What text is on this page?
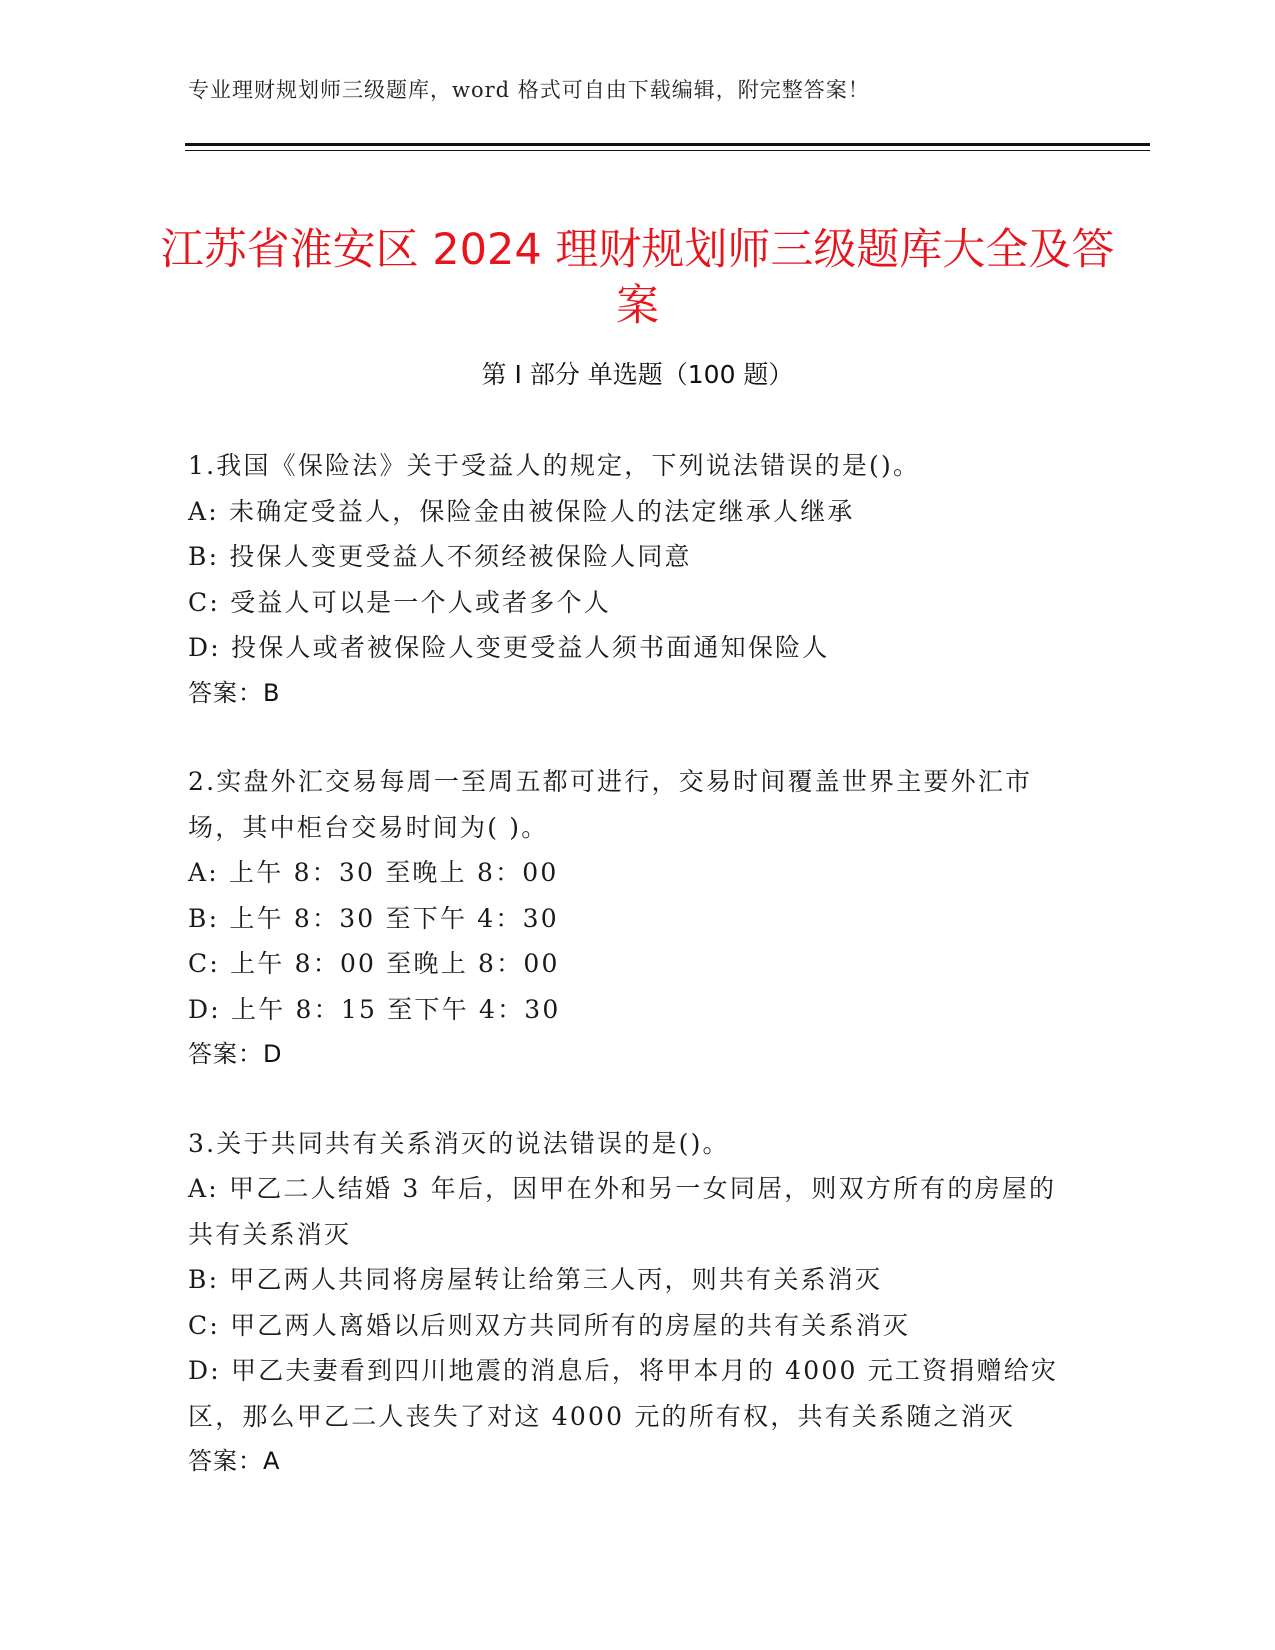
专业理财规划师三级题库，word 格式可自由下载编辑，附完整答案！
江苏省淮安区 2024 理财规划师三级题库大全及答案
第 I 部分 单选题（100 题）
1.我国《保险法》关于受益人的规定，下列说法错误的是()。
A: 未确定受益人，保险金由被保险人的法定继承人继承
B: 投保人变更受益人不须经被保险人同意
C: 受益人可以是一个人或者多个人
D: 投保人或者被保险人变更受益人须书面通知保险人
答案：B
2.实盘外汇交易每周一至周五都可进行，交易时间覆盖世界主要外汇市场，其中柜台交易时间为( )。
A: 上午 8：30 至晚上 8：00
B: 上午 8：30 至下午 4：30
C: 上午 8：00 至晚上 8：00
D: 上午 8：15 至下午 4：30
答案：D
3.关于共同共有关系消灭的说法错误的是()。
A: 甲乙二人结婚 3 年后，因甲在外和另一女同居，则双方所有的房屋的共有关系消灭
B: 甲乙两人共同将房屋转让给第三人丙，则共有关系消灭
C: 甲乙两人离婚以后则双方共同所有的房屋的共有关系消灭
D: 甲乙夫妻看到四川地震的消息后，将甲本月的 4000 元工资捐赠给灾区，那么甲乙二人丧失了对这 4000 元的所有权，共有关系随之消灭
答案：A
